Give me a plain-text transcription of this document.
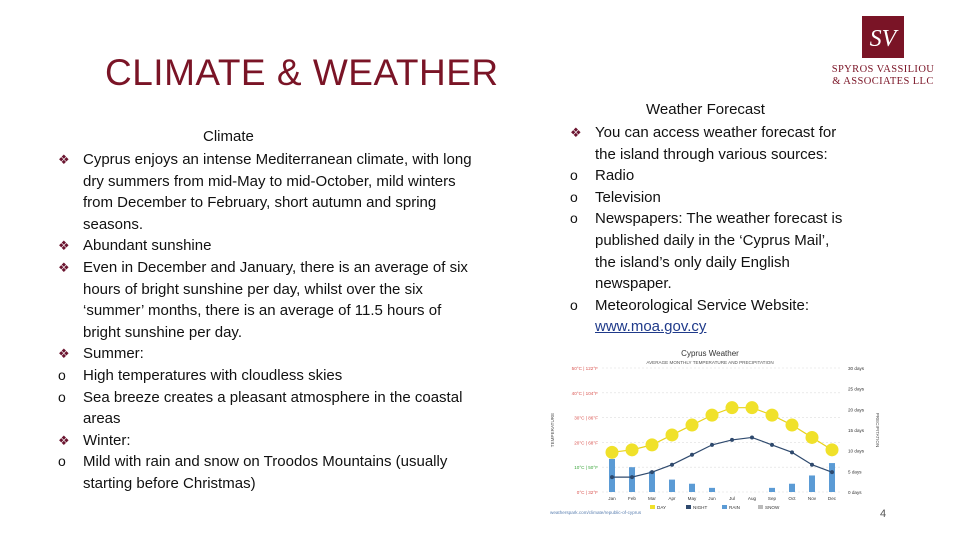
CLIMATE & WEATHER
SV
SPYROS VASSILIOU
& ASSOCIATES LLC
Climate
❖ Cyprus enjoys an intense Mediterranean climate, with long
dry summers from mid-May to mid-October, mild winters
from December to February, short autumn and spring
seasons.
❖ Abundant sunshine
❖ Even in December and January, there is an average of six
hours of bright sunshine per day, whilst over the six
‘summer’ months, there is an average of 11.5 hours of
bright sunshine per day.
❖ Summer:
o	High temperatures with cloudless skies
o	Sea breeze creates a pleasant atmosphere in the coastal
areas
❖ Winter:
o	Mild with rain and snow on Troodos Mountains (usually
starting before Christmas)
Weather Forecast
❖ You can access weather forecast for
the island through various sources:
o	Radio
o	Television
o	Newspapers: The weather forecast is
published daily in the ‘Cyprus Mail’,
the island’s only daily English
newspaper.
o	Meteorological Service Website:
www.moa.gov.cy
Cyprus Weather
AVERAGE MONTHLY TEMPERATURE AND PRECIPITATION
50°C | 122°F
40°C | 104°F
30°C | 86°F
20°C | 68°F
10°C | 50°F
0°C | 32°F
30 days
25 days
20 days
15 days
10 days
5 days
0 days
TEMPERATURE	PRECIPITATION
Jan	Feb	Mar	Apr	May	Jun	Jul	Aug	Sep	Oct	Nov	Dec
DAY	NIGHT	RAIN	SNOW
weatherspark.com/climate/republic-of-cyprus	4
